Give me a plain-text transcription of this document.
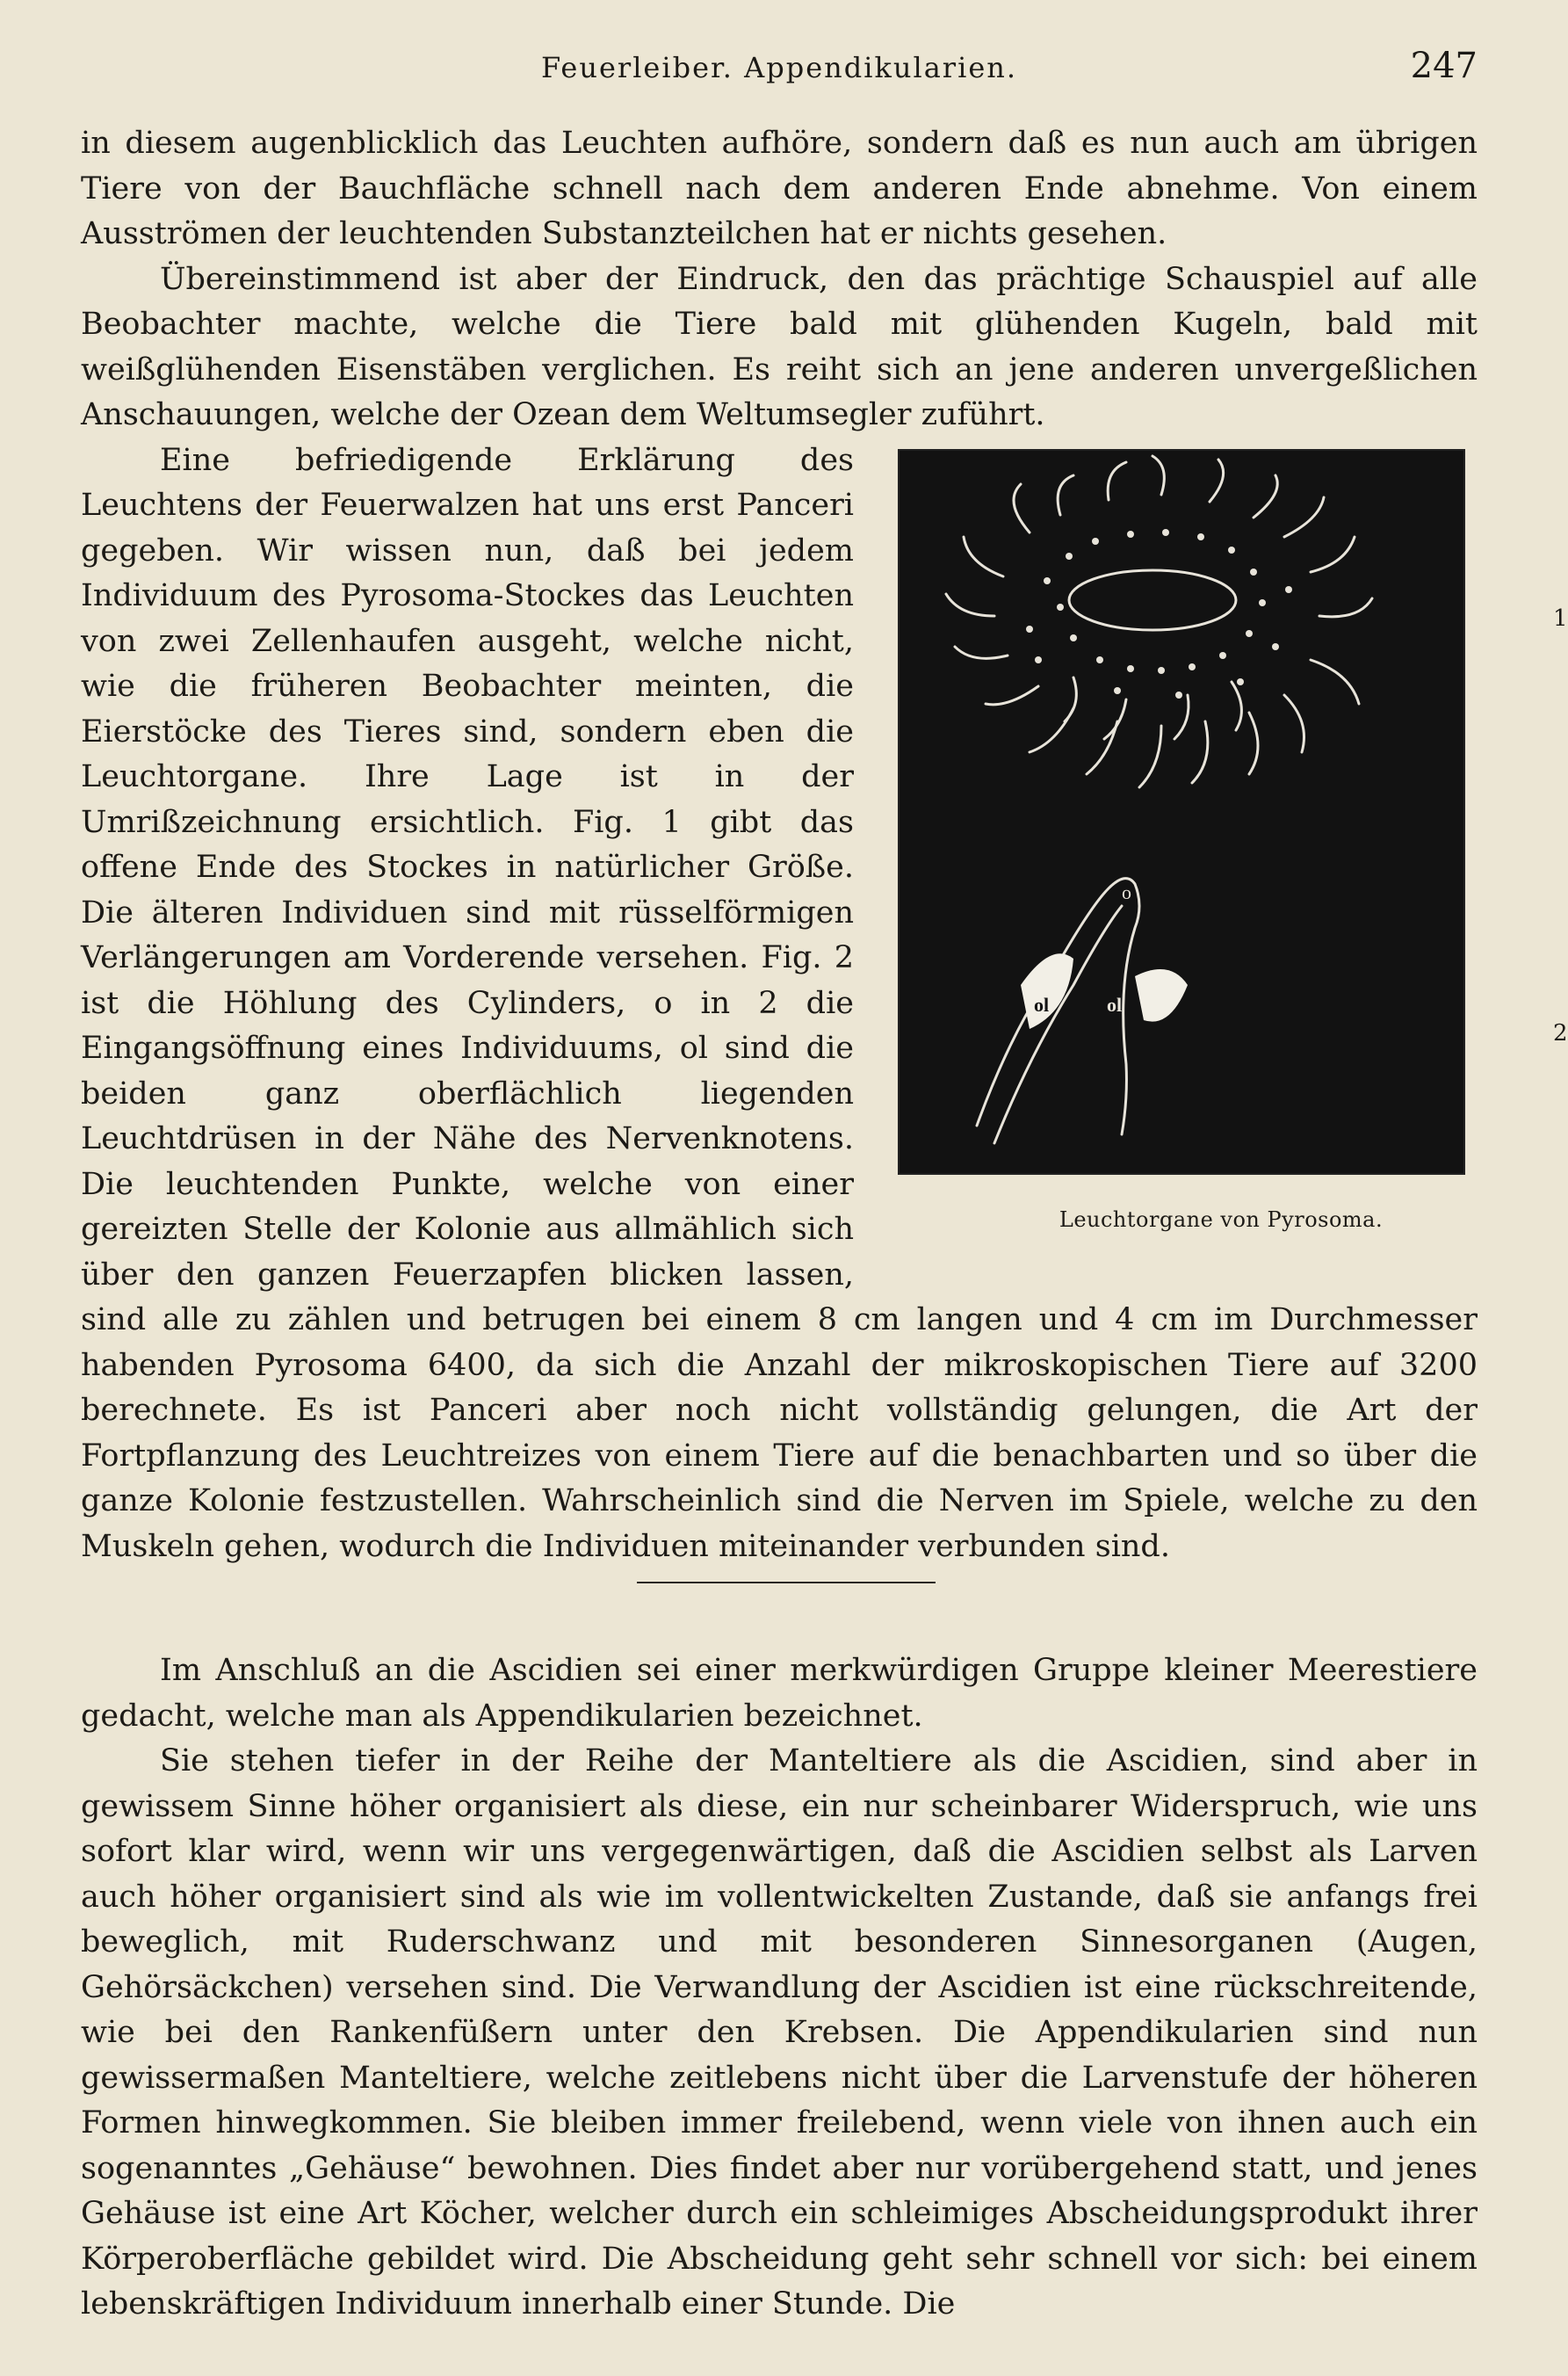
Feuerleiber. Appendikularien.	247

in diesem augenblicklich das Leuchten aufhöre, sondern daß es nun auch am übrigen Tiere von der Bauchfläche schnell nach dem anderen Ende abnehme. Von einem Ausströmen der leuchtenden Substanzteilchen hat er nichts gesehen.

Übereinstimmend ist aber der Eindruck, den das prächtige Schauspiel auf alle Beobachter machte, welche die Tiere bald mit glühenden Kugeln, bald mit weißglühenden Eisenstäben verglichen. Es reiht sich an jene anderen unvergeßlichen Anschauungen, welche der Ozean dem Weltumsegler zuführt.

o
ol	ol
1
2
Leuchtorgane von Pyrosoma.
Eine befriedigende Erklärung des Leuchtens der Feuerwalzen hat uns erst Panceri gegeben. Wir wissen nun, daß bei jedem Individuum des Pyrosoma-Stockes das Leuchten von zwei Zellenhaufen ausgeht, welche nicht, wie die früheren Beobachter meinten, die Eierstöcke des Tieres sind, sondern eben die Leuchtorgane. Ihre Lage ist in der Umrißzeichnung ersichtlich. Fig. 1 gibt das offene Ende des Stockes in natürlicher Größe. Die älteren Individuen sind mit rüsselförmigen Verlängerungen am Vorderende versehen. Fig. 2 ist die Höhlung des Cylinders, o in 2 die Eingangsöffnung eines Individuums, ol sind die beiden ganz oberflächlich liegenden Leuchtdrüsen in der Nähe des Nervenknotens. Die leuchtenden Punkte, welche von einer gereizten Stelle der Kolonie aus allmählich sich über den ganzen Feuerzapfen blicken lassen, sind alle zu zählen und betrugen bei einem 8 cm langen und 4 cm im Durchmesser habenden Pyrosoma 6400, da sich die Anzahl der mikroskopischen Tiere auf 3200 berechnete. Es ist Panceri aber noch nicht vollständig gelungen, die Art der Fortpflanzung des Leuchtreizes von einem Tiere auf die benachbarten und so über die ganze Kolonie festzustellen. Wahrscheinlich sind die Nerven im Spiele, welche zu den Muskeln gehen, wodurch die Individuen miteinander verbunden sind.

Im Anschluß an die Ascidien sei einer merkwürdigen Gruppe kleiner Meerestiere gedacht, welche man als Appendikularien bezeichnet.

Sie stehen tiefer in der Reihe der Manteltiere als die Ascidien, sind aber in gewissem Sinne höher organisiert als diese, ein nur scheinbarer Widerspruch, wie uns sofort klar wird, wenn wir uns vergegenwärtigen, daß die Ascidien selbst als Larven auch höher organisiert sind als wie im vollentwickelten Zustande, daß sie anfangs frei beweglich, mit Ruderschwanz und mit besonderen Sinnesorganen (Augen, Gehörsäckchen) versehen sind. Die Verwandlung der Ascidien ist eine rückschreitende, wie bei den Rankenfüßern unter den Krebsen. Die Appendikularien sind nun gewissermaßen Manteltiere, welche zeitlebens nicht über die Larvenstufe der höheren Formen hinwegkommen. Sie bleiben immer freilebend, wenn viele von ihnen auch ein sogenanntes „Gehäuse“ bewohnen. Dies findet aber nur vorübergehend statt, und jenes Gehäuse ist eine Art Köcher, welcher durch ein schleimiges Abscheidungsprodukt ihrer Körperoberfläche gebildet wird. Die Abscheidung geht sehr schnell vor sich: bei einem lebenskräftigen Individuum innerhalb einer Stunde. Die
